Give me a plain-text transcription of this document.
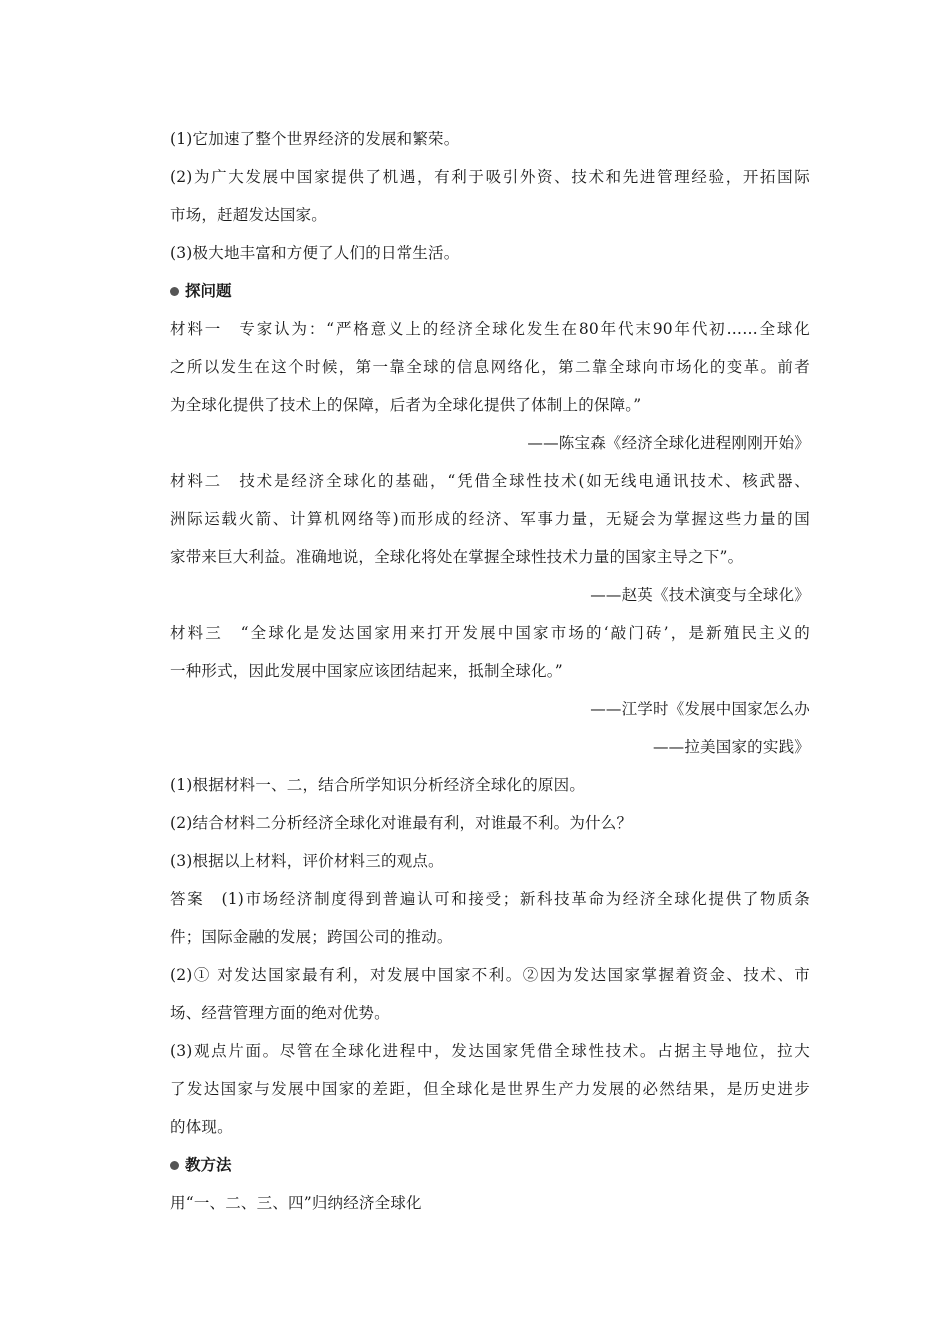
(1)它加速了整个世界经济的发展和繁荣。
(2)为广大发展中国家提供了机遇，有利于吸引外资、技术和先进管理经验，开拓国际
市场，赶超发达国家。
(3)极大地丰富和方便了人们的日常生活。
探问题
材料一　专家认为：“严格意义上的经济全球化发生在80年代末90年代初……全球化
之所以发生在这个时候，第一靠全球的信息网络化，第二靠全球向市场化的变革。前者
为全球化提供了技术上的保障，后者为全球化提供了体制上的保障。”
——陈宝森《经济全球化进程刚刚开始》
材料二　技术是经济全球化的基础，“凭借全球性技术(如无线电通讯技术、核武器、
洲际运载火箭、计算机网络等)而形成的经济、军事力量，无疑会为掌握这些力量的国
家带来巨大利益。准确地说，全球化将处在掌握全球性技术力量的国家主导之下”。
——赵英《技术演变与全球化》
材料三　“全球化是发达国家用来打开发展中国家市场的‘敲门砖’，是新殖民主义的
一种形式，因此发展中国家应该团结起来，抵制全球化。”
——江学时《发展中国家怎么办
——拉美国家的实践》
(1)根据材料一、二，结合所学知识分析经济全球化的原因。
(2)结合材料二分析经济全球化对谁最有利，对谁最不利。为什么？
(3)根据以上材料，评价材料三的观点。
答案　(1)市场经济制度得到普遍认可和接受；新科技革命为经济全球化提供了物质条
件；国际金融的发展；跨国公司的推动。
(2)① 对发达国家最有利，对发展中国家不利。②因为发达国家掌握着资金、技术、市
场、经营管理方面的绝对优势。
(3)观点片面。尽管在全球化进程中，发达国家凭借全球性技术。占据主导地位，拉大
了发达国家与发展中国家的差距，但全球化是世界生产力发展的必然结果，是历史进步
的体现。
教方法
用“一、二、三、四”归纳经济全球化
